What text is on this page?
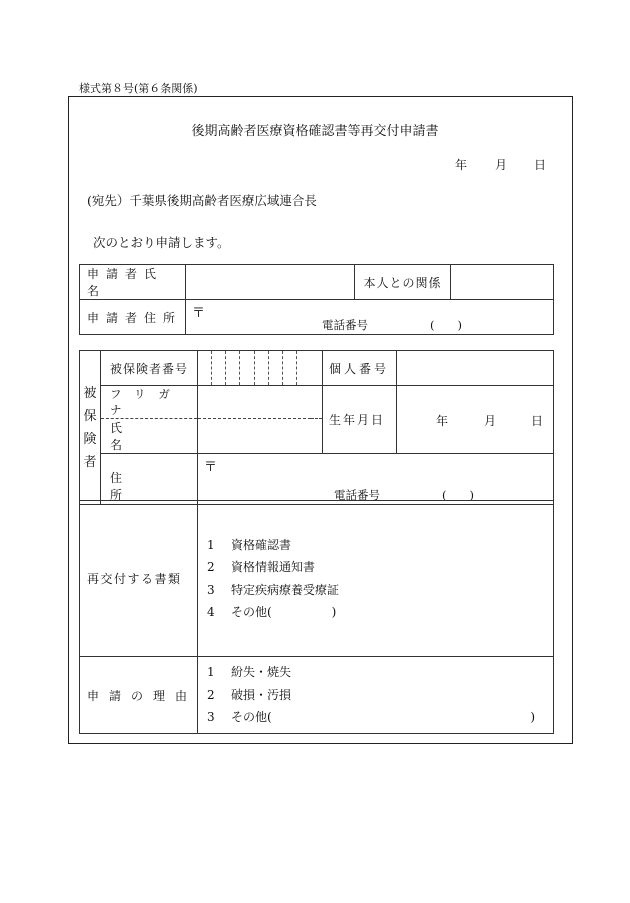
様式第８号(第６条関係)
後期高齢者医療資格確認書等再交付申請書
年 月 日
(宛先）千葉県後期高齢者医療広域連合長
次のとおり申請します。
申請者氏名		本人との関係	

申請者住所	〒
電話番号 (　　)		
被
保
険
者	被保険者番号		個人番号	

	フリガナ		生年月日	年 月 日

氏名			

	住所	〒
電話番号 (　　)		
再交付する書類	1 資格確認書
2 資格情報通知書
3 特定疾病療養受療証
4 その他(　　　　　)

申請の理由	1 紛失・焼失
2 破損・汚損
3 その他( )
